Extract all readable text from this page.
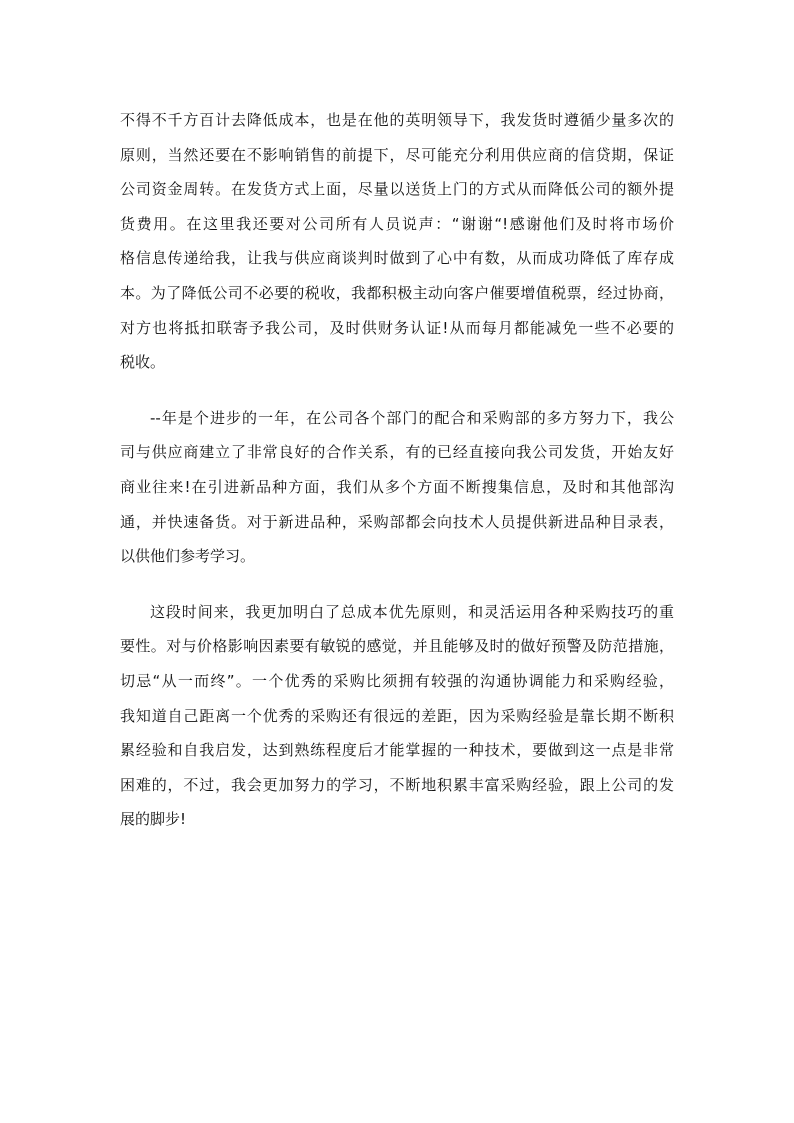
不得不千方百计去降低成本，也是在他的英明领导下，我发货时遵循少量多次的
原则，当然还要在不影响销售的前提下，尽可能充分利用供应商的信贷期，保证
公司资金周转。在发货方式上面，尽量以送货上门的方式从而降低公司的额外提
货费用。在这里我还要对公司所有人员说声：“谢谢“!感谢他们及时将市场价
格信息传递给我，让我与供应商谈判时做到了心中有数，从而成功降低了库存成
本。为了降低公司不必要的税收，我都积极主动向客户催要增值税票，经过协商，
对方也将抵扣联寄予我公司，及时供财务认证!从而每月都能减免一些不必要的
税收。
--年是个进步的一年，在公司各个部门的配合和采购部的多方努力下，我公
司与供应商建立了非常良好的合作关系，有的已经直接向我公司发货，开始友好
商业往来!在引进新品种方面，我们从多个方面不断搜集信息，及时和其他部沟
通，并快速备货。对于新进品种，采购部都会向技术人员提供新进品种目录表，
以供他们参考学习。
这段时间来，我更加明白了总成本优先原则，和灵活运用各种采购技巧的重
要性。对与价格影响因素要有敏锐的感觉，并且能够及时的做好预警及防范措施，
切忌“从一而终”。一个优秀的采购比须拥有较强的沟通协调能力和采购经验，
我知道自己距离一个优秀的采购还有很远的差距，因为采购经验是靠长期不断积
累经验和自我启发，达到熟练程度后才能掌握的一种技术，要做到这一点是非常
困难的，不过，我会更加努力的学习，不断地积累丰富采购经验，跟上公司的发
展的脚步!
